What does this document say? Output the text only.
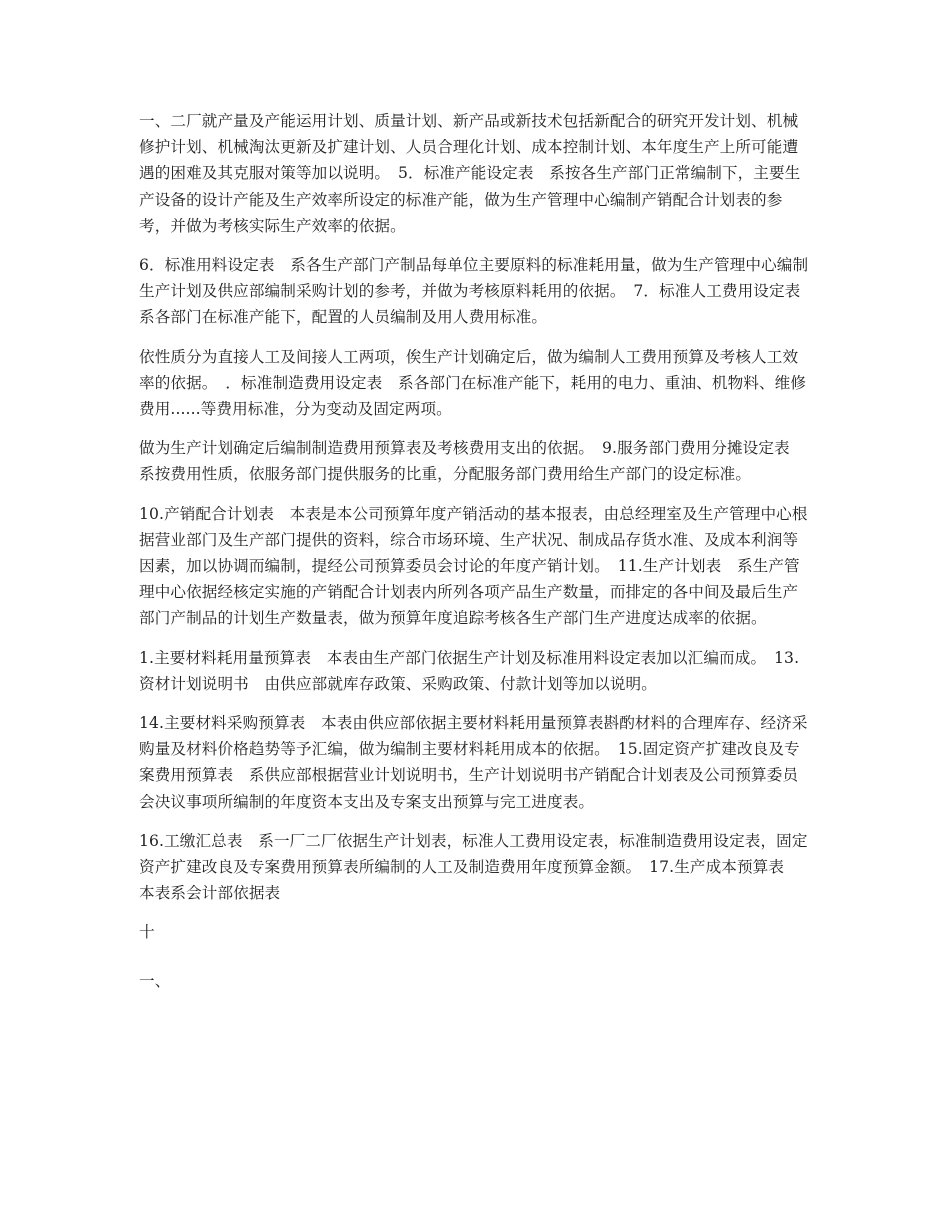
一、二厂就产量及产能运用计划、质量计划、新产品或新技术包括新配合的研究开发计划、机械修护计划、机械淘汰更新及扩建计划、人员合理化计划、成本控制计划、本年度生产上所可能遭遇的困难及其克服对策等加以说明。　5．标准产能设定表　系按各生产部门正常编制下，主要生产设备的设计产能及生产效率所设定的标准产能，做为生产管理中心编制产销配合计划表的参考，并做为考核实际生产效率的依据。

6．标准用料设定表　系各生产部门产制品每单位主要原料的标准耗用量，做为生产管理中心编制生产计划及供应部编制采购计划的参考，并做为考核原料耗用的依据。　7．标准人工费用设定表　系各部门在标准产能下，配置的人员编制及用人费用标准。

依性质分为直接人工及间接人工两项，俟生产计划确定后，做为编制人工费用预算及考核人工效率的依据。　．标准制造费用设定表　系各部门在标准产能下，耗用的电力、重油、机物料、维修费用......等费用标准，分为变动及固定两项。

做为生产计划确定后编制制造费用预算表及考核费用支出的依据。　9.服务部门费用分摊设定表　系按费用性质，依服务部门提供服务的比重，分配服务部门费用给生产部门的设定标准。

10.产销配合计划表　本表是本公司预算年度产销活动的基本报表，由总经理室及生产管理中心根据营业部门及生产部门提供的资料，综合市场环境、生产状况、制成品存货水准、及成本利润等因素，加以协调而编制，提经公司预算委员会讨论的年度产销计划。　11.生产计划表　系生产管理中心依据经核定实施的产销配合计划表内所列各项产品生产数量，而排定的各中间及最后生产部门产制品的计划生产数量表，做为预算年度追踪考核各生产部门生产进度达成率的依据。

1.主要材料耗用量预算表　本表由生产部门依据生产计划及标准用料设定表加以汇编而成。　13.资材计划说明书　由供应部就库存政策、采购政策、付款计划等加以说明。

14.主要材料采购预算表　本表由供应部依据主要材料耗用量预算表斟酌材料的合理库存、经济采购量及材料价格趋势等予汇编，做为编制主要材料耗用成本的依据。　15.固定资产扩建改良及专案费用预算表　系供应部根据营业计划说明书，生产计划说明书产销配合计划表及公司预算委员会决议事项所编制的年度资本支出及专案支出预算与完工进度表。

16.工缴汇总表　系一厂二厂依据生产计划表，标准人工费用设定表，标准制造费用设定表，固定资产扩建改良及专案费用预算表所编制的人工及制造费用年度预算金额。　17.生产成本预算表　本表系会计部依据表

十

一、
